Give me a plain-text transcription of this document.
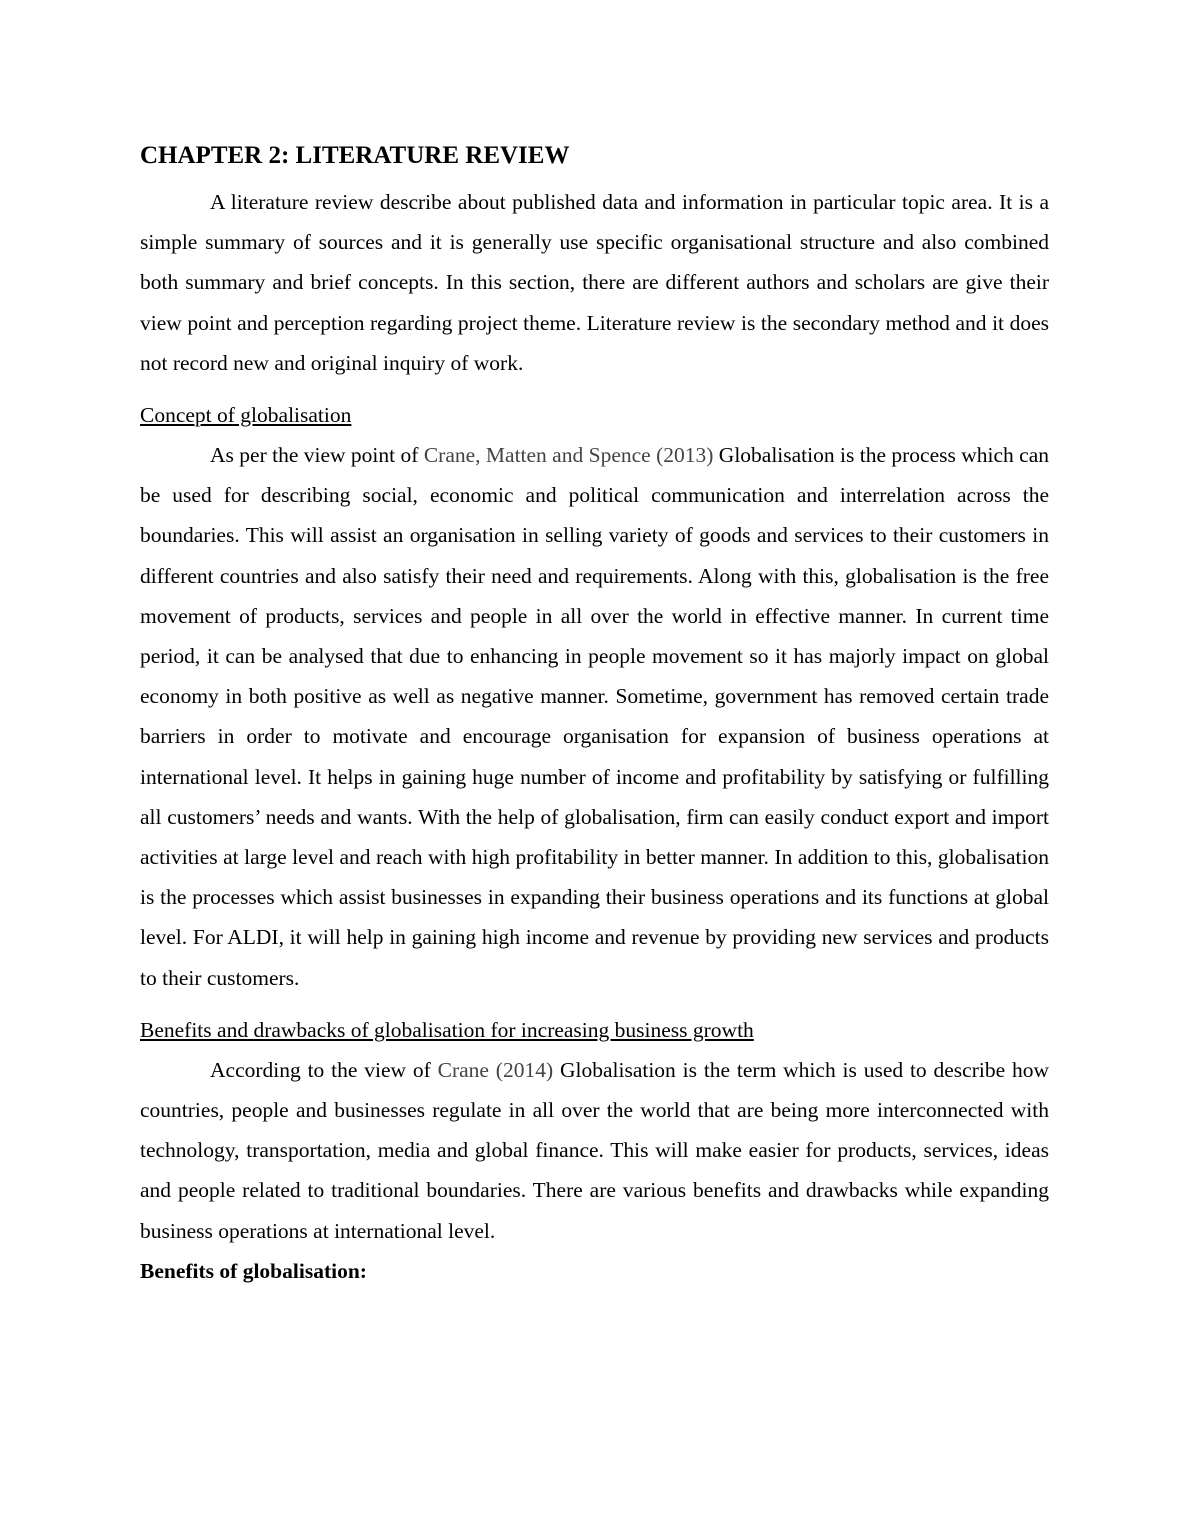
CHAPTER 2: LITERATURE REVIEW

A literature review describe about published data and information in particular topic area. It is a simple summary of sources and it is generally use specific organisational structure and also combined both summary and brief concepts. In this section, there are different authors and scholars are give their view point and perception regarding project theme. Literature review is the secondary method and it does not record new and original inquiry of work.

Concept of globalisation

As per the view point of Crane, Matten and Spence (2013) Globalisation is the process which can be used for describing social, economic and political communication and interrelation across the boundaries. This will assist an organisation in selling variety of goods and services to their customers in different countries and also satisfy their need and requirements. Along with this, globalisation is the free movement of products, services and people in all over the world in effective manner. In current time period, it can be analysed that due to enhancing in people movement so it has majorly impact on global economy in both positive as well as negative manner. Sometime, government has removed certain trade barriers in order to motivate and encourage organisation for expansion of business operations at international level. It helps in gaining huge number of income and profitability by satisfying or fulfilling all customers’ needs and wants. With the help of globalisation, firm can easily conduct export and import activities at large level and reach with high profitability in better manner. In addition to this, globalisation is the processes which assist businesses in expanding their business operations and its functions at global level. For ALDI, it will help in gaining high income and revenue by providing new services and products to their customers.

Benefits and drawbacks of globalisation for increasing business growth

According to the view of Crane (2014) Globalisation is the term which is used to describe how countries, people and businesses regulate in all over the world that are being more interconnected with technology, transportation, media and global finance. This will make easier for products, services, ideas and people related to traditional boundaries. There are various benefits and drawbacks while expanding business operations at international level.

Benefits of globalisation:
